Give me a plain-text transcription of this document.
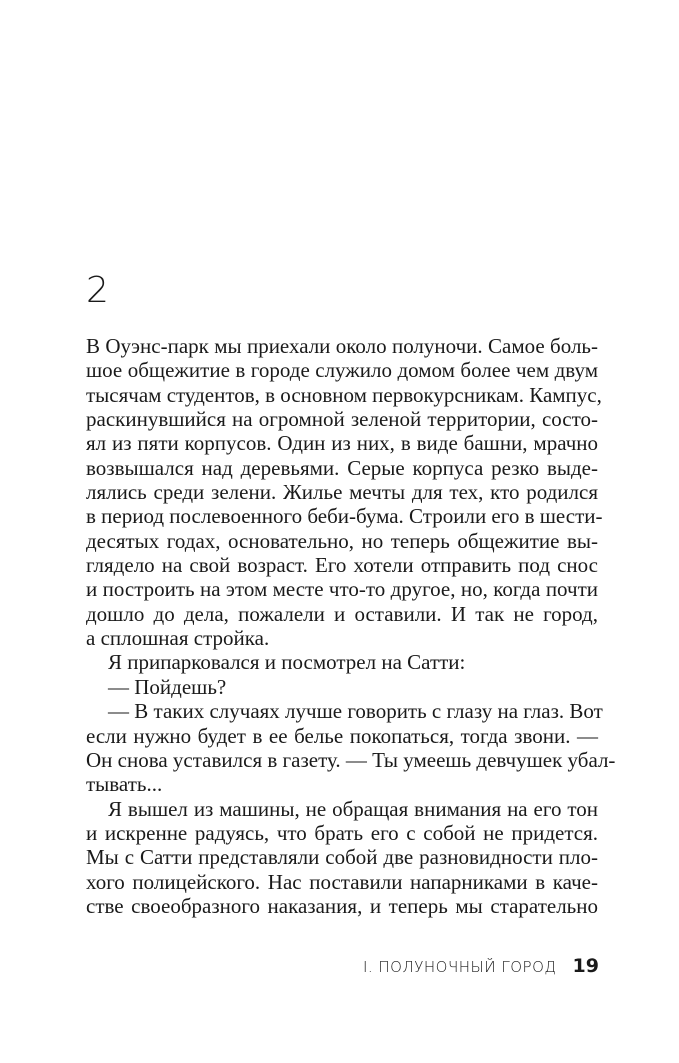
2
В Оуэнс-парк мы приехали около полуночи. Самое боль-
шое общежитие в городе служило домом более чем двум
тысячам студентов, в основном первокурсникам. Кампус,
раскинувшийся на огромной зеленой территории, состо-
ял из пяти корпусов. Один из них, в виде башни, мрачно
возвышался над деревьями. Серые корпуса резко выде-
лялись среди зелени. Жилье мечты для тех, кто родился
в период послевоенного беби-бума. Строили его в шести-
десятых годах, основательно, но теперь общежитие вы-
глядело на свой возраст. Его хотели отправить под снос
и построить на этом месте что-то другое, но, когда почти
дошло до дела, пожалели и оставили. И так не город,
а сплошная стройка.
Я припарковался и посмотрел на Сатти:
— Пойдешь?
— В таких случаях лучше говорить с глазу на глаз. Вот
если нужно будет в ее белье покопаться, тогда звони. —
Он снова уставился в газету. — Ты умеешь девчушек убал-
тывать...
Я вышел из машины, не обращая внимания на его тон
и искренне радуясь, что брать его с собой не придется.
Мы с Сатти представляли собой две разновидности пло-
хого полицейского. Нас поставили напарниками в каче-
стве своеобразного наказания, и теперь мы старательно
I. ПОЛУНОЧНЫЙ ГОРОД 19
